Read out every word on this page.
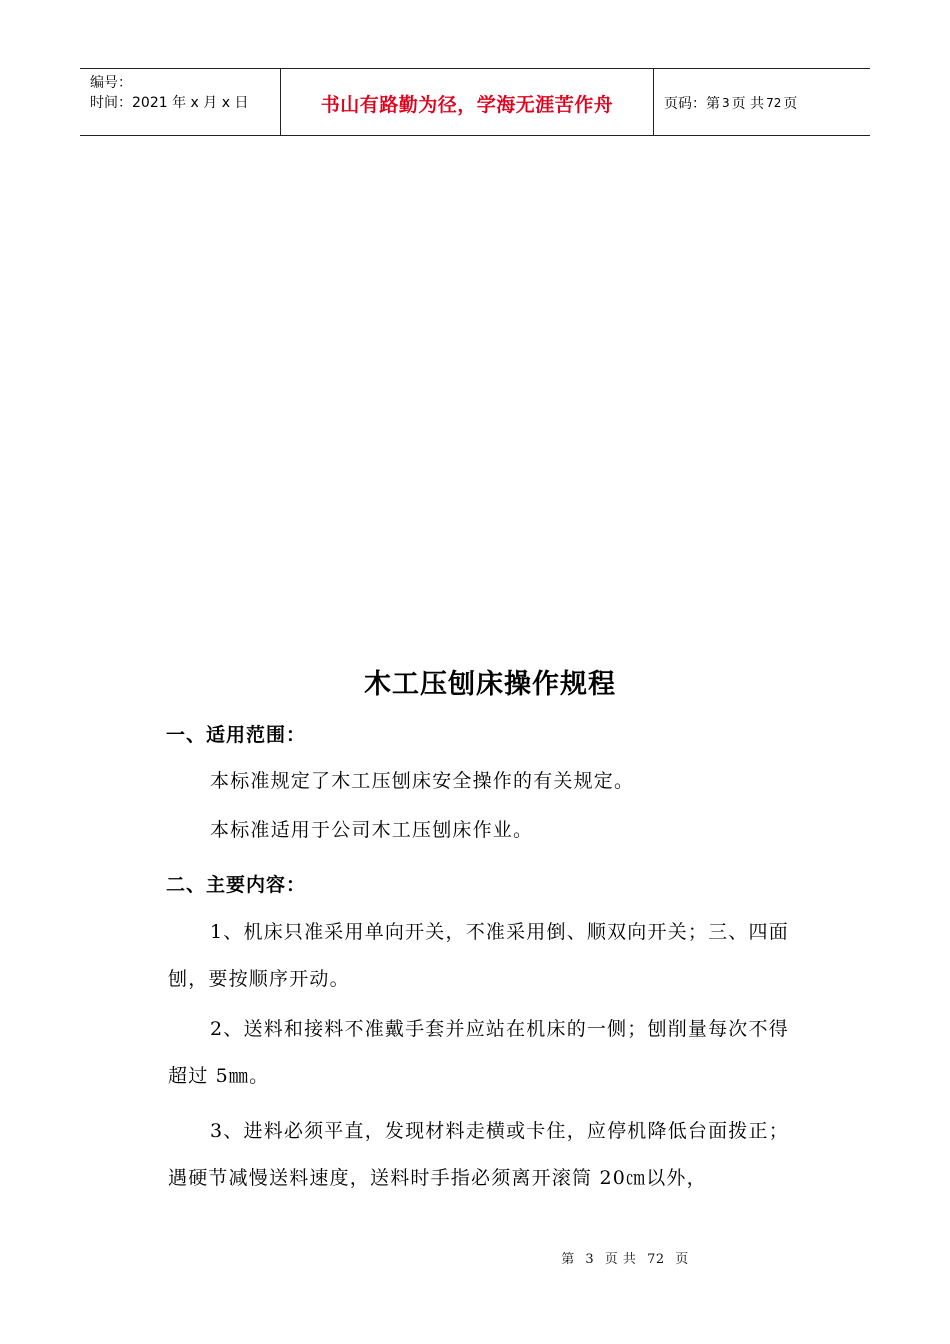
编号：
时间：2021 年 x 月 x 日	书山有路勤为径，学海无涯苦作舟	页码：第 3 页 共 72 页
木工压刨床操作规程
一、适用范围：

本标准规定了木工压刨床安全操作的有关规定。

本标准适用于公司木工压刨床作业。

二、主要内容：

1、机床只准采用单向开关，不准采用倒、顺双向开关；三、四面刨，要按顺序开动。

2、送料和接料不准戴手套并应站在机床的一侧；刨削量每次不得超过 5㎜。

3、进料必须平直，发现材料走横或卡住，应停机降低台面拨正；遇硬节减慢送料速度，送料时手指必须离开滚筒 20㎝以外，

第 3 页 共 72 页
